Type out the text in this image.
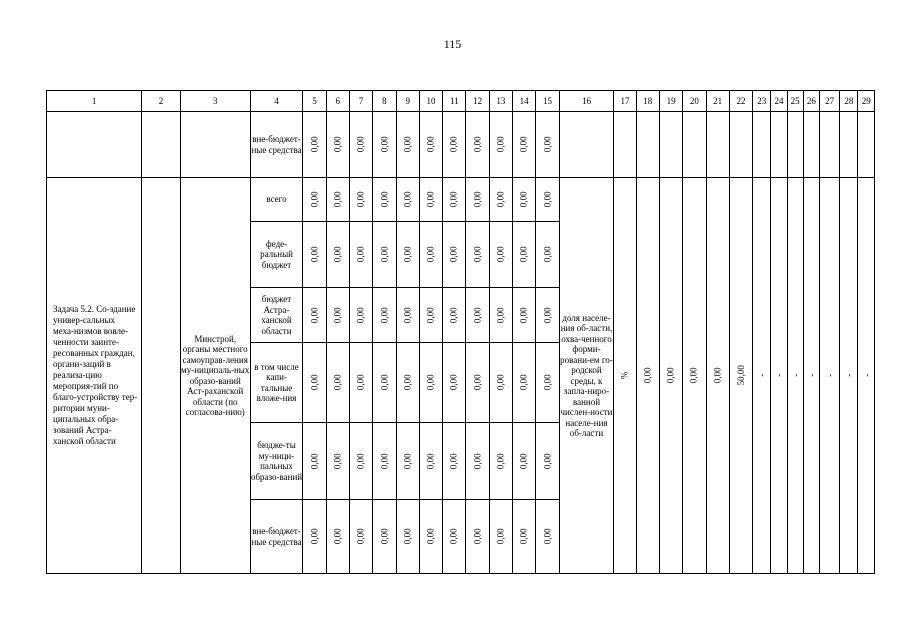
115
1	2	3	4	5	6	7	8	9	10	11	12	13	14	15	16	17	18	19	20	21	22	23	24	25	26	27	28	29
			вне-бюджет-ные средства	0,00	0,00	0,00	0,00	0,00	0,00	0,00	0,00	0,00	0,00	0,00														
Задача 5.2. Со-здание универ-сальных меха-низмов вовле-ченности заинте-ресованных граждан, органи-заций в реализа-цию мероприя-тий по благо-устройству тер-ритории муни-ципальных обра-зований Астра-ханской области		Минстрой, органы местного самоуправ-ления му-ниципаль-ных образо-ваний Аст-раханской области (по согласова-нию)	всего	0,00	0,00	0,00	0,00	0,00	0,00	0,00	0,00	0,00	0,00	0,00	доля населе-ния об-ласти, охва-ченного форми-ровани-ем го-родской среды, к запла-ниро-ванной числен-ности населе-ния об-ласти	%	0,00	0,00	0,00	0,00	50,00	-	-	-	-	-	-	-
			феде-ральный бюджет	0,00	0,00	0,00	0,00	0,00	0,00	0,00	0,00	0,00	0,00	0,00														
			бюджет Астра-ханской области	0,00	0,00	0,00	0,00	0,00	0,00	0,00	0,00	0,00	0,00	0,00														
			в том числе капи-тальные вложе-ния	0,00	0,00	0,00	0,00	0,00	0,00	0,00	0,00	0,00	0,00	0,00														
			бюдже-ты му-ници-пальных образо-ваний	0,00	0,00	0,00	0,00	0,00	0,00	0,00	0,00	0,00	0,00	0,00														
			вне-бюджет-ные средства	0,00	0,00	0,00	0,00	0,00	0,00	0,00	0,00	0,00	0,00	0,00														
